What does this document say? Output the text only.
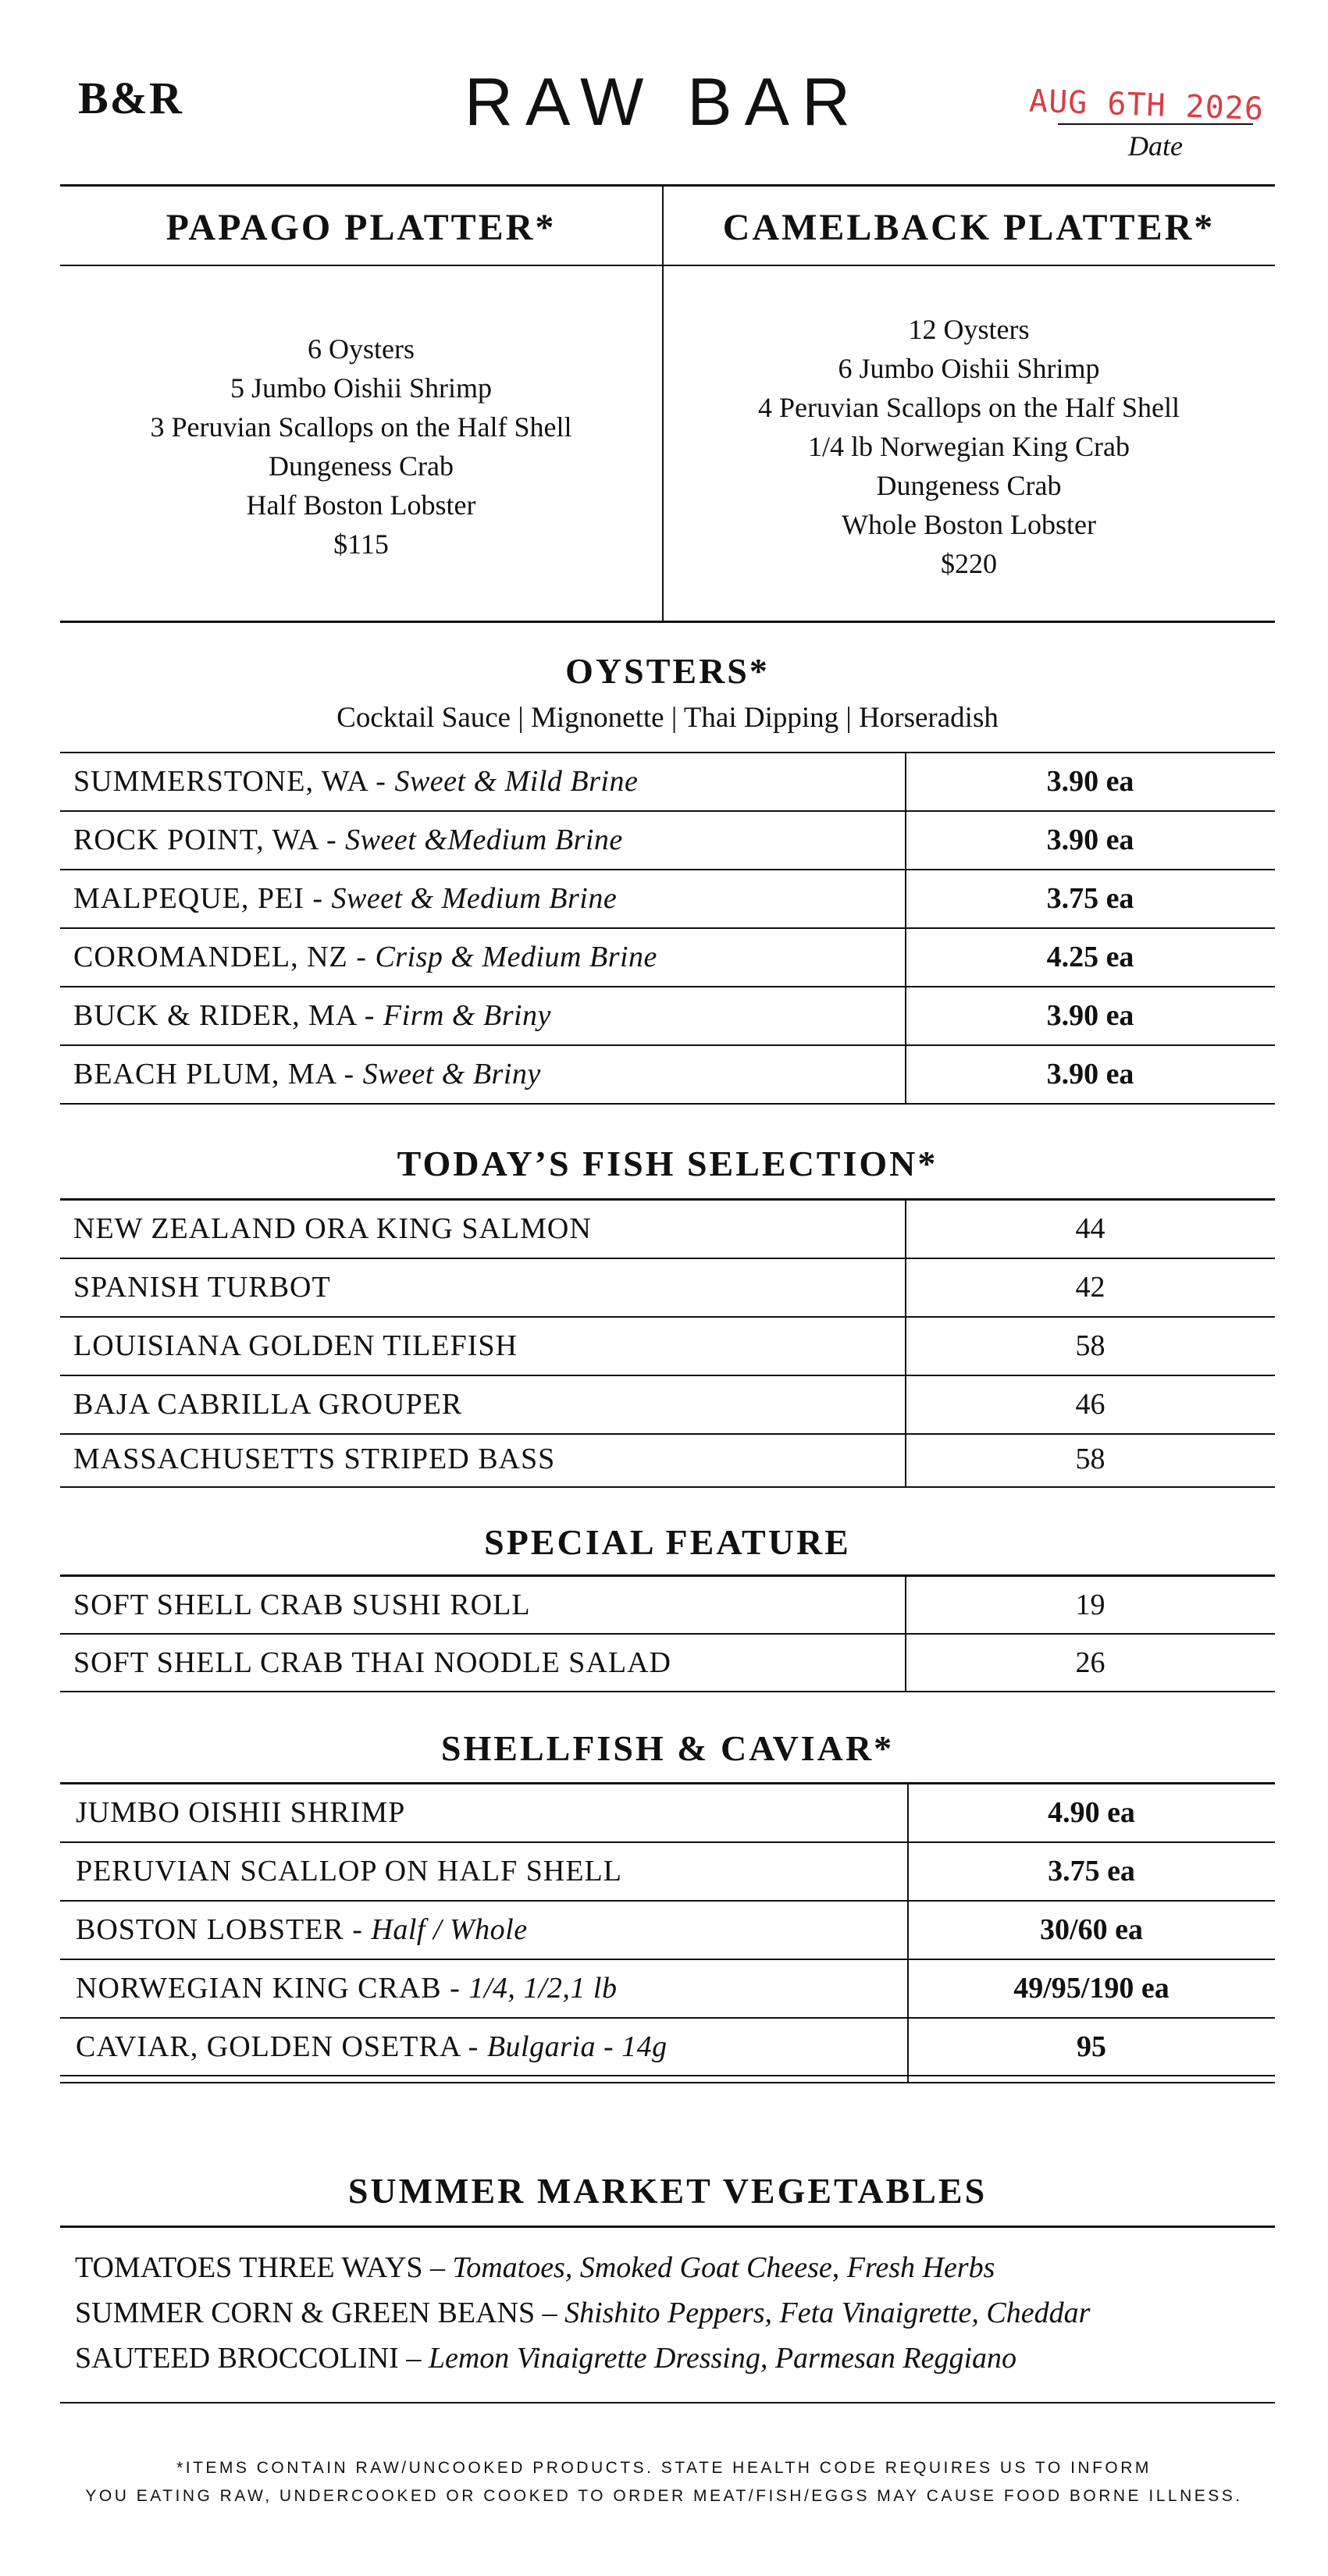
B&R	RAW BAR	AUG 6TH 2026
Date
PAPAGO PLATTER*	CAMELBACK PLATTER*
6 Oysters
5 Jumbo Oishii Shrimp
3 Peruvian Scallops on the Half Shell
Dungeness Crab
Half Boston Lobster
$115
12 Oysters
6 Jumbo Oishii Shrimp
4 Peruvian Scallops on the Half Shell
1/4 lb Norwegian King Crab
Dungeness Crab
Whole Boston Lobster
$220
OYSTERS*
Cocktail Sauce | Mignonette | Thai Dipping | Horseradish
SUMMERSTONE, WA - Sweet & Mild Brine	3.90 ea
ROCK POINT, WA - Sweet &Medium Brine	3.90 ea
MALPEQUE, PEI - Sweet & Medium Brine	3.75 ea
COROMANDEL, NZ - Crisp & Medium Brine	4.25 ea
BUCK & RIDER, MA - Firm & Briny	3.90 ea
BEACH PLUM, MA - Sweet & Briny	3.90 ea
TODAY’S FISH SELECTION*
NEW ZEALAND ORA KING SALMON	44
SPANISH TURBOT	42
LOUISIANA GOLDEN TILEFISH	58
BAJA CABRILLA GROUPER	46
MASSACHUSETTS STRIPED BASS	58
SPECIAL FEATURE
SOFT SHELL CRAB SUSHI ROLL	19
SOFT SHELL CRAB THAI NOODLE SALAD	26
SHELLFISH & CAVIAR*
JUMBO OISHII SHRIMP	4.90 ea
PERUVIAN SCALLOP ON HALF SHELL	3.75 ea
BOSTON LOBSTER - Half / Whole	30/60 ea
NORWEGIAN KING CRAB - 1/4, 1/2,1 lb	49/95/190 ea
CAVIAR, GOLDEN OSETRA - Bulgaria - 14g	95
SUMMER MARKET VEGETABLES
TOMATOES THREE WAYS – Tomatoes, Smoked Goat Cheese, Fresh Herbs
SUMMER CORN & GREEN BEANS – Shishito Peppers, Feta Vinaigrette, Cheddar
SAUTEED BROCCOLINI – Lemon Vinaigrette Dressing, Parmesan Reggiano
*ITEMS CONTAIN RAW/UNCOOKED PRODUCTS. STATE HEALTH CODE REQUIRES US TO INFORM
YOU EATING RAW, UNDERCOOKED OR COOKED TO ORDER MEAT/FISH/EGGS MAY CAUSE FOOD BORNE ILLNESS.
